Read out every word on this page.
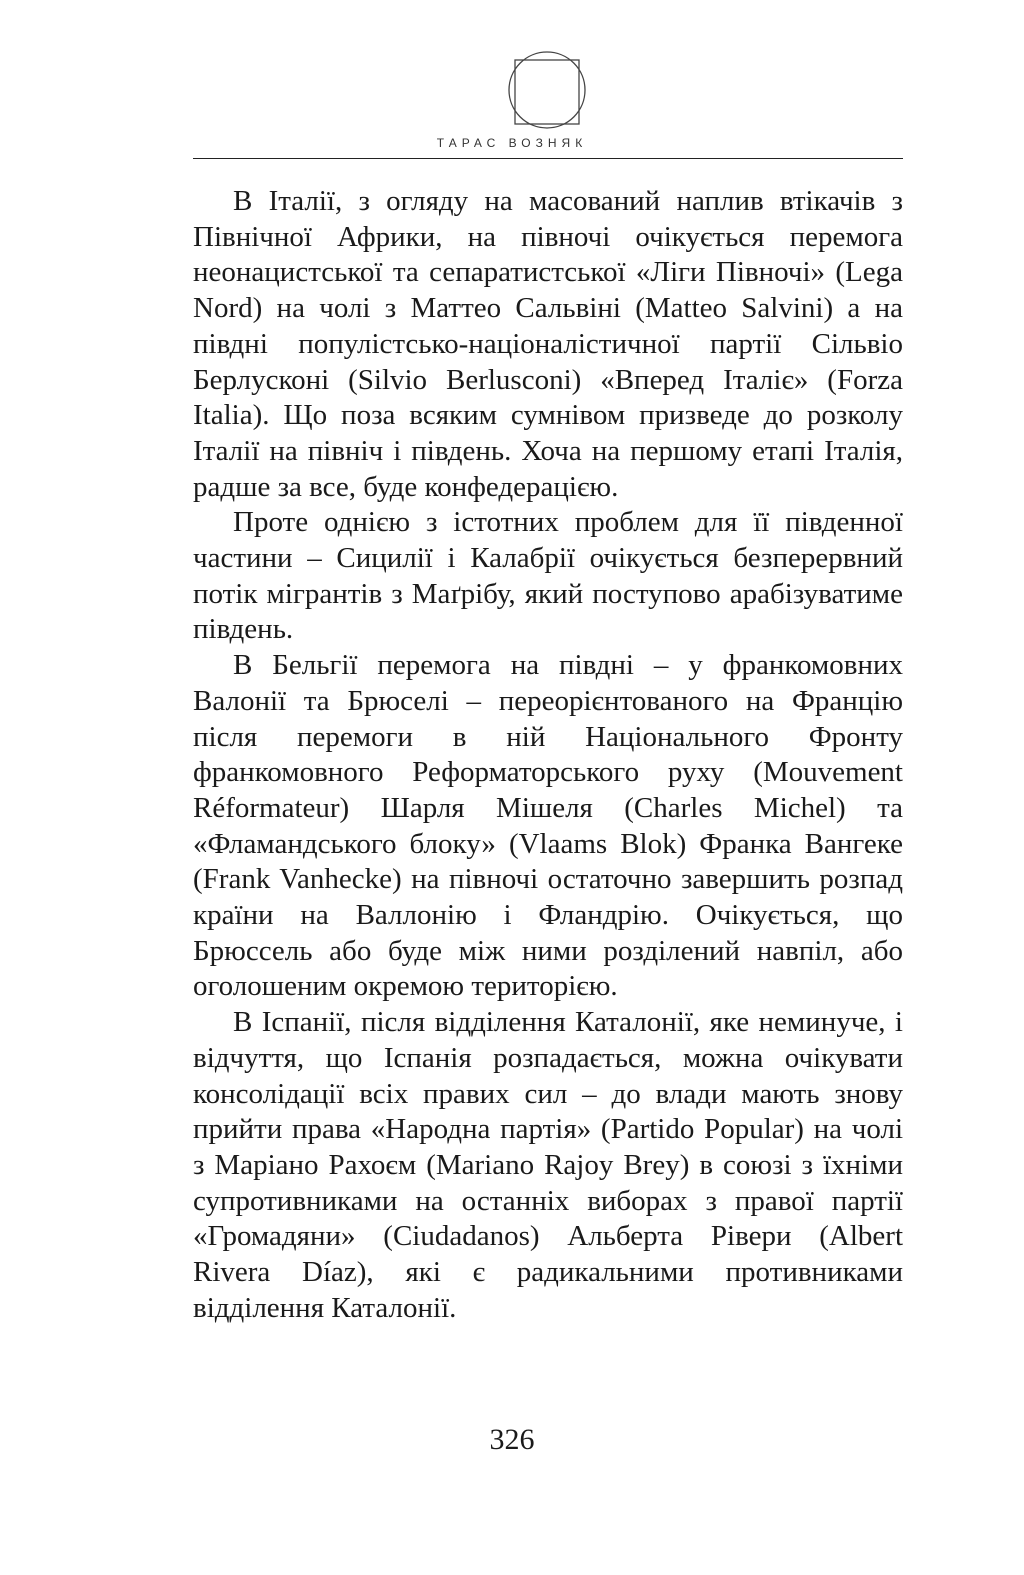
ТАРАС ВОЗНЯК

В Італії, з огляду на масований наплив втікачів з Північної Африки, на півночі очікується перемога неонацистської та сепаратистської «Ліги Півночі» (Lega Nord) на чолі з Маттео Сальвіні (Matteo Salvini) а на півдні популістсько-націоналістичної партії Сільвіо Берлусконі (Silvio Berlusconi) «Вперед Італіє» (Forza Italia). Що поза всяким сумнівом призведе до розколу Італії на північ і південь. Хоча на першому етапі Італія, радше за все, буде конфедерацією.

Проте однією з істотних проблем для її південної частини – Сицилії і Калабрії очікується безперервний потік мігрантів з Маґрібу, який поступово арабізуватиме південь.

В Бельгії перемога на півдні – у франкомовних Валонії та Брюселі – переорієнтованого на Францію після перемоги в ній Національного Фронту франкомовного Реформаторського руху (Mouvement Réformateur) Шарля Мішеля (Charles Michel) та «Фламандського блоку» (Vlaams Blok) Франка Вангеке (Frank Vanhecke) на півночі остаточно завершить розпад країни на Валлонію і Фландрію. Очікується, що Брюссель або буде між ними розділений навпіл, або оголошеним окремою територією.

В Іспанії, після відділення Каталонії, яке неминуче, і відчуття, що Іспанія розпадається, можна очікувати консолідації всіх правих сил – до влади мають знову прийти права «Народна партія» (Partido Popular) на чолі з Маріано Рахоєм (Mariano Rajoy Brey) в союзі з їхніми супротивниками на останніх виборах з правої партії «Громадяни» (Ciudadanos) Альберта Рівери (Albert Rivera Díaz), які є радикальними противниками відділення Каталонії.

326
